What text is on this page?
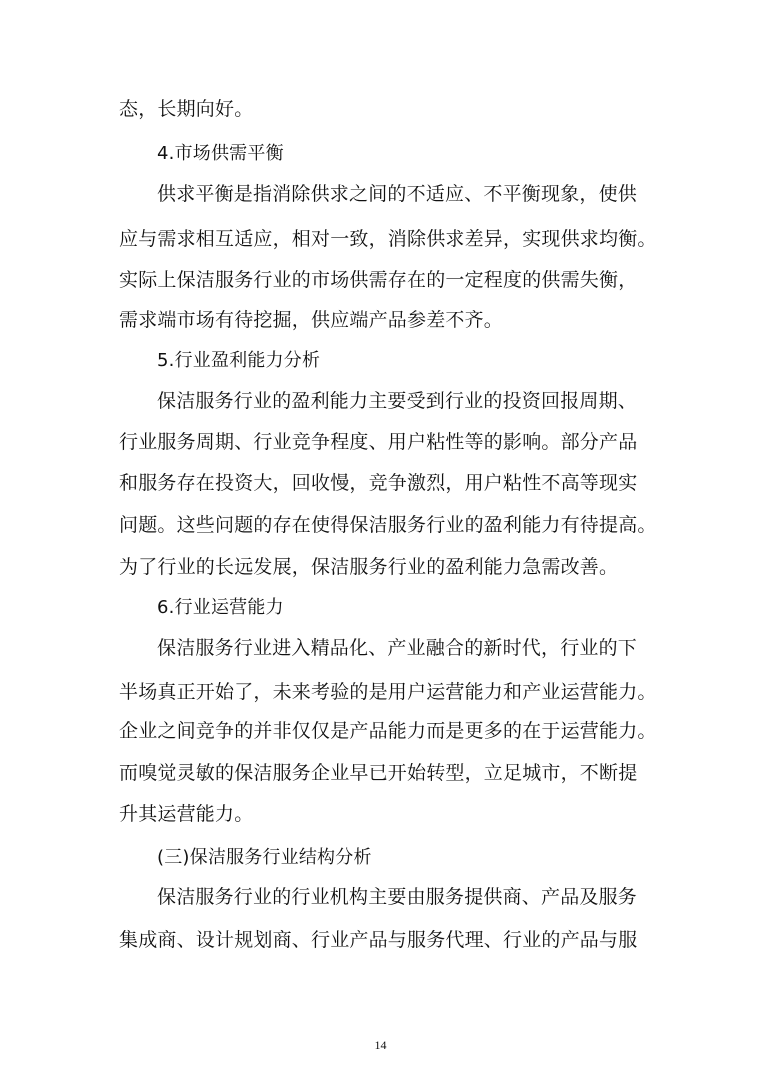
态，长期向好。
4.市场供需平衡
供求平衡是指消除供求之间的不适应、不平衡现象，使供
应与需求相互适应，相对一致，消除供求差异，实现供求均衡。
实际上保洁服务行业的市场供需存在的一定程度的供需失衡，
需求端市场有待挖掘，供应端产品参差不齐。
5.行业盈利能力分析
保洁服务行业的盈利能力主要受到行业的投资回报周期、
行业服务周期、行业竞争程度、用户粘性等的影响。部分产品
和服务存在投资大，回收慢，竞争激烈，用户粘性不高等现实
问题。这些问题的存在使得保洁服务行业的盈利能力有待提高。
为了行业的长远发展，保洁服务行业的盈利能力急需改善。
6.行业运营能力
保洁服务行业进入精品化、产业融合的新时代，行业的下
半场真正开始了，未来考验的是用户运营能力和产业运营能力。
企业之间竞争的并非仅仅是产品能力而是更多的在于运营能力。
而嗅觉灵敏的保洁服务企业早已开始转型，立足城市，不断提
升其运营能力。
(三)保洁服务行业结构分析
保洁服务行业的行业机构主要由服务提供商、产品及服务
集成商、设计规划商、行业产品与服务代理、行业的产品与服
14
